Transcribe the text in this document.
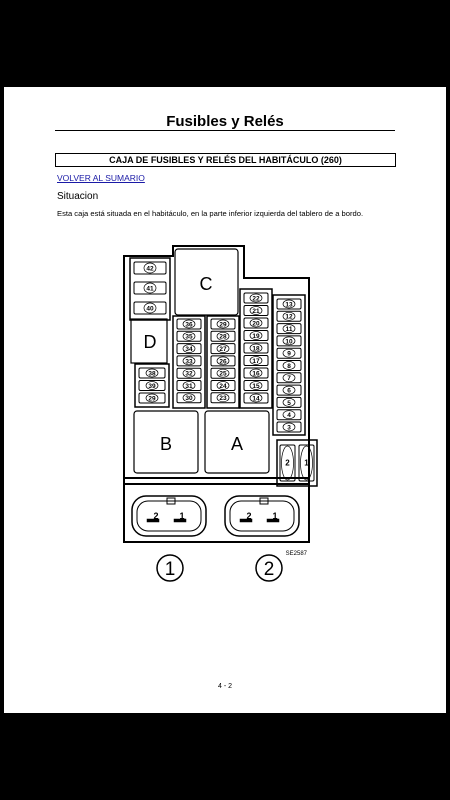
Fusibles y Relés
CAJA DE FUSIBLES Y RELÉS DEL HABITÁCULO (260)
VOLVER AL SUMARIO
Situacion
Esta caja está situada en el habitáculo, en la parte inferior izquierda del tablero de a bordo.
C
D
B	A
2 1	2 1
1	2
SE2587
42
41
40
38
39
29
36
35
34
33
32
31
30
29
28
27
26
25
24
23
22
21
20
19
18
17
16
15
14
13
12
11
10
9
8
7
6
5
4
3
2 1
4 - 2
